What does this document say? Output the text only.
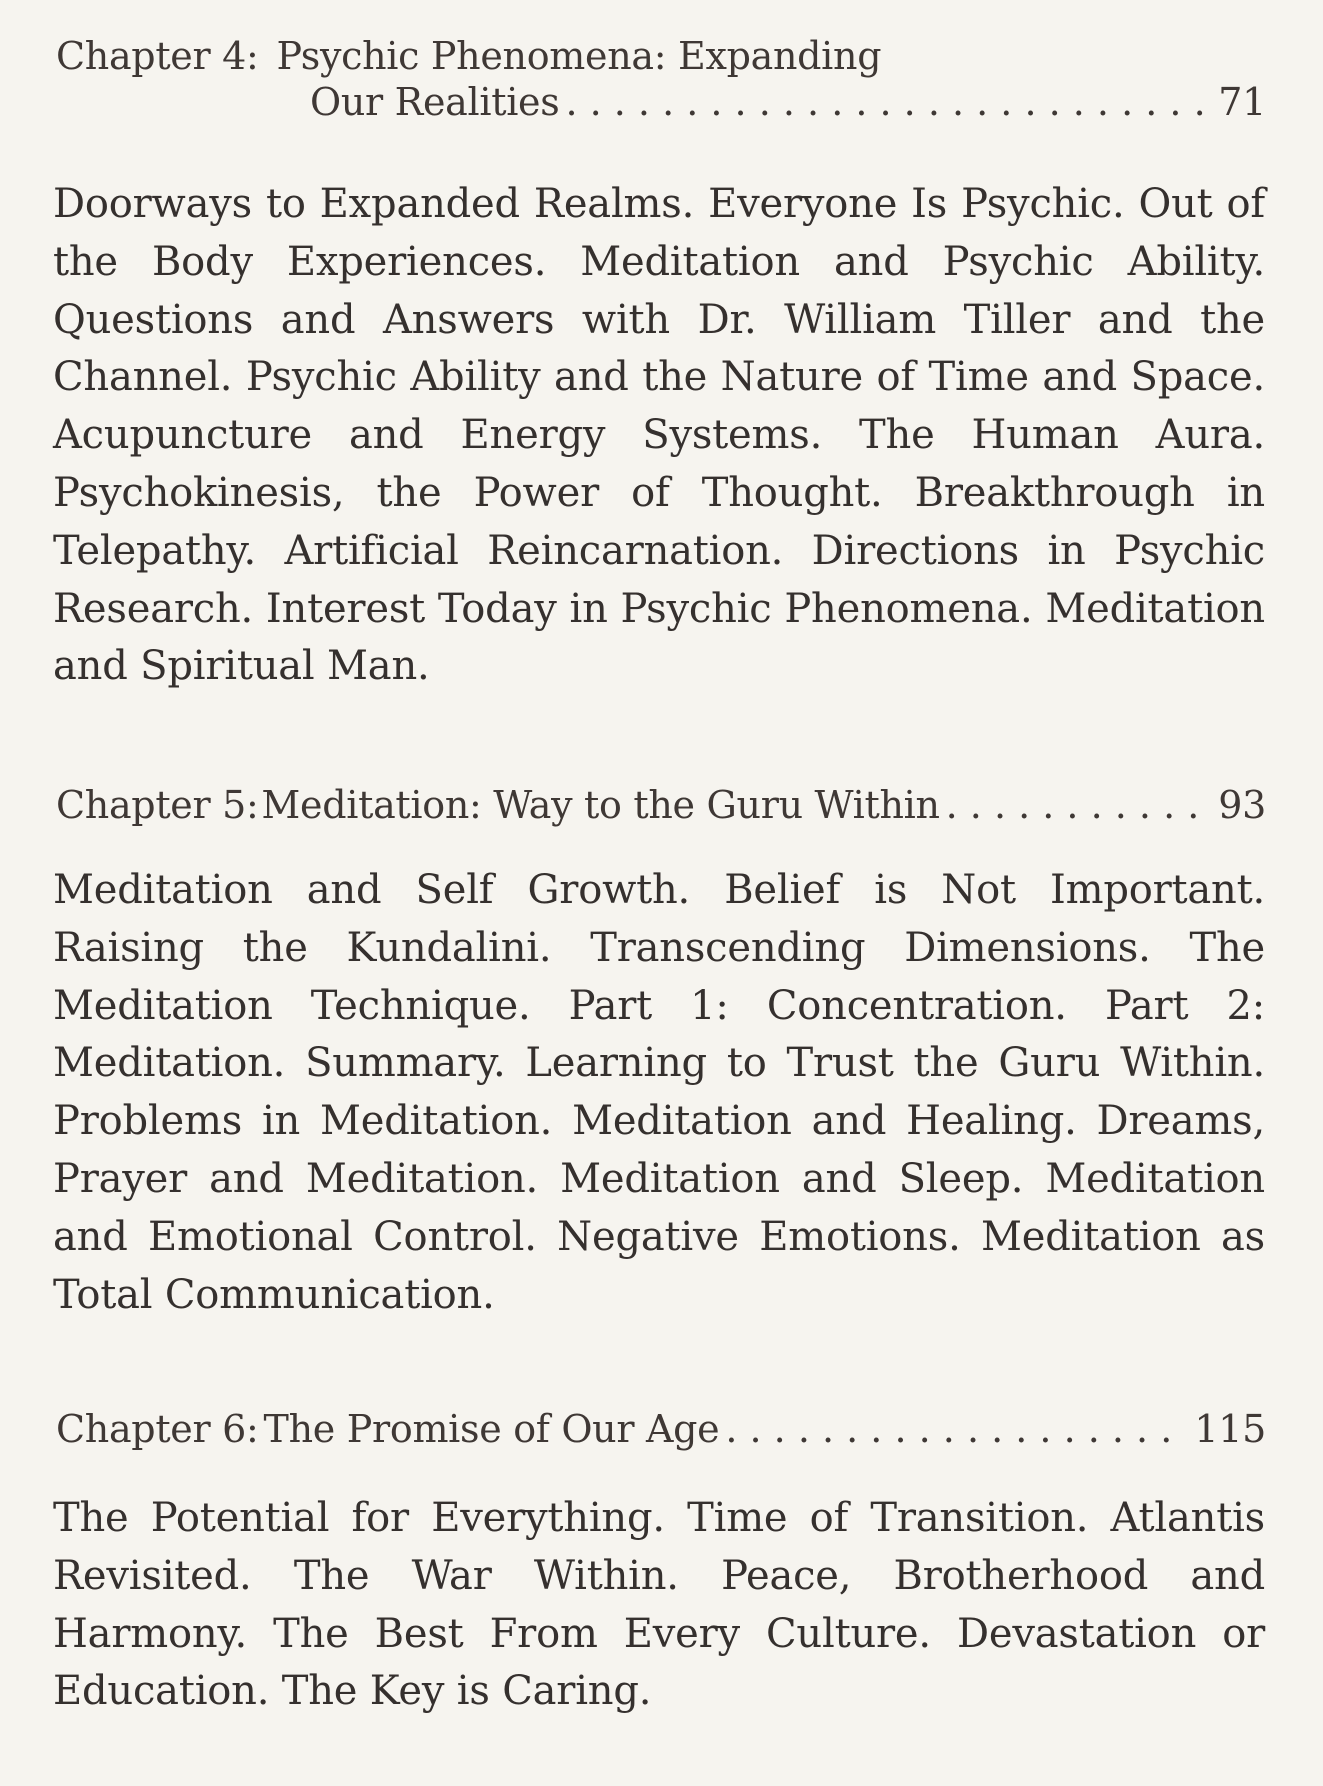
Chapter 4: Psychic Phenomena: Expanding
Our Realities . . .	71
Doorways to Expanded Realms. Everyone Is Psychic. Out of the Body Experiences. Meditation and Psychic Ability. Questions and Answers with Dr. William Tiller and the Channel. Psychic Ability and the Nature of Time and Space. Acupuncture and Energy Systems. The Human Aura. Psychokinesis, the Power of Thought. Breakthrough in Telepathy. Artificial Reincarnation. Directions in Psychic Research. Interest Today in Psychic Phenomena. Meditation and Spiritual Man.
Chapter 5: Meditation: Way to the Guru Within . . .	93
Meditation and Self Growth. Belief is Not Important. Raising the Kundalini. Transcending Dimensions. The Meditation Technique. Part 1: Concentration. Part 2: Meditation. Summary. Learning to Trust the Guru Within. Problems in Meditation. Meditation and Healing. Dreams, Prayer and Meditation. Meditation and Sleep. Meditation and Emotional Control. Negative Emotions. Meditation as Total Communication.
Chapter 6: The Promise of Our Age . . .	115
The Potential for Everything. Time of Transition. Atlantis Revisited. The War Within. Peace, Brotherhood and Harmony. The Best From Every Culture. Devastation or Education. The Key is Caring.
